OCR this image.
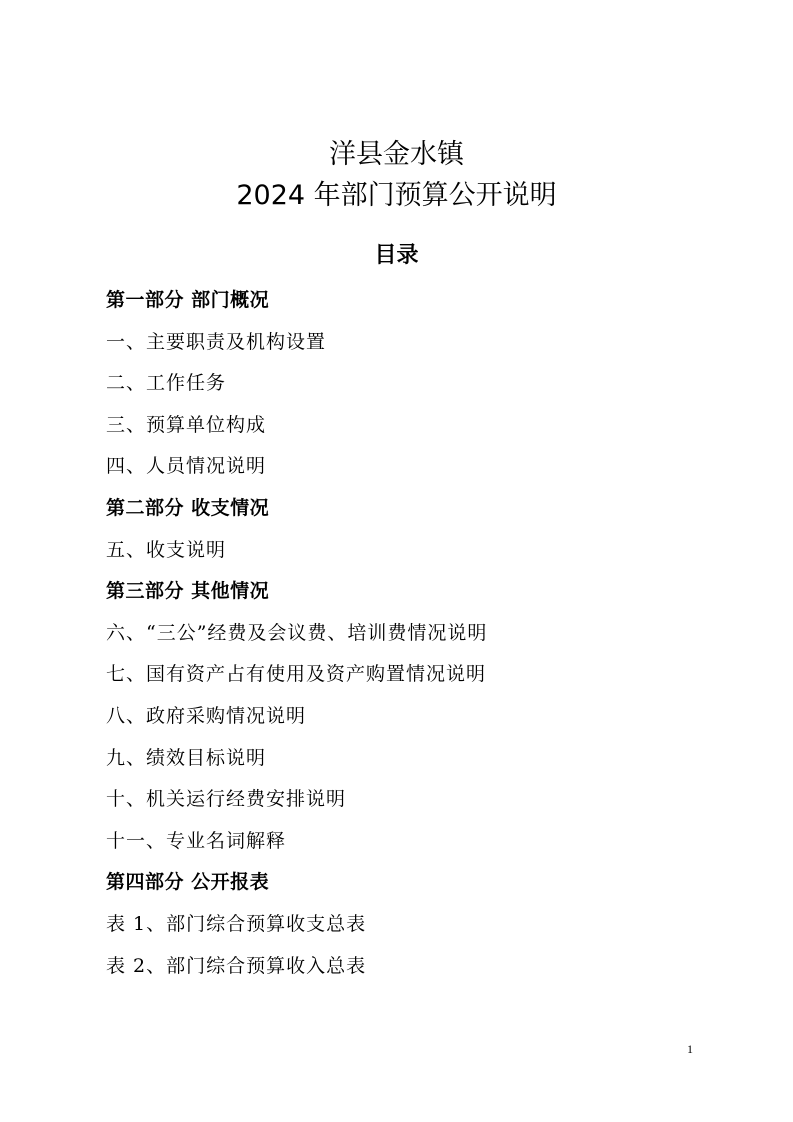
洋县金水镇
2024 年部门预算公开说明
目录
第一部分 部门概况
一、主要职责及机构设置
二、工作任务
三、预算单位构成
四、人员情况说明
第二部分 收支情况
五、收支说明
第三部分 其他情况
六、“三公”经费及会议费、培训费情况说明
七、国有资产占有使用及资产购置情况说明
八、政府采购情况说明
九、绩效目标说明
十、机关运行经费安排说明
十一、专业名词解释
第四部分 公开报表
表 1、部门综合预算收支总表
表 2、部门综合预算收入总表
1
